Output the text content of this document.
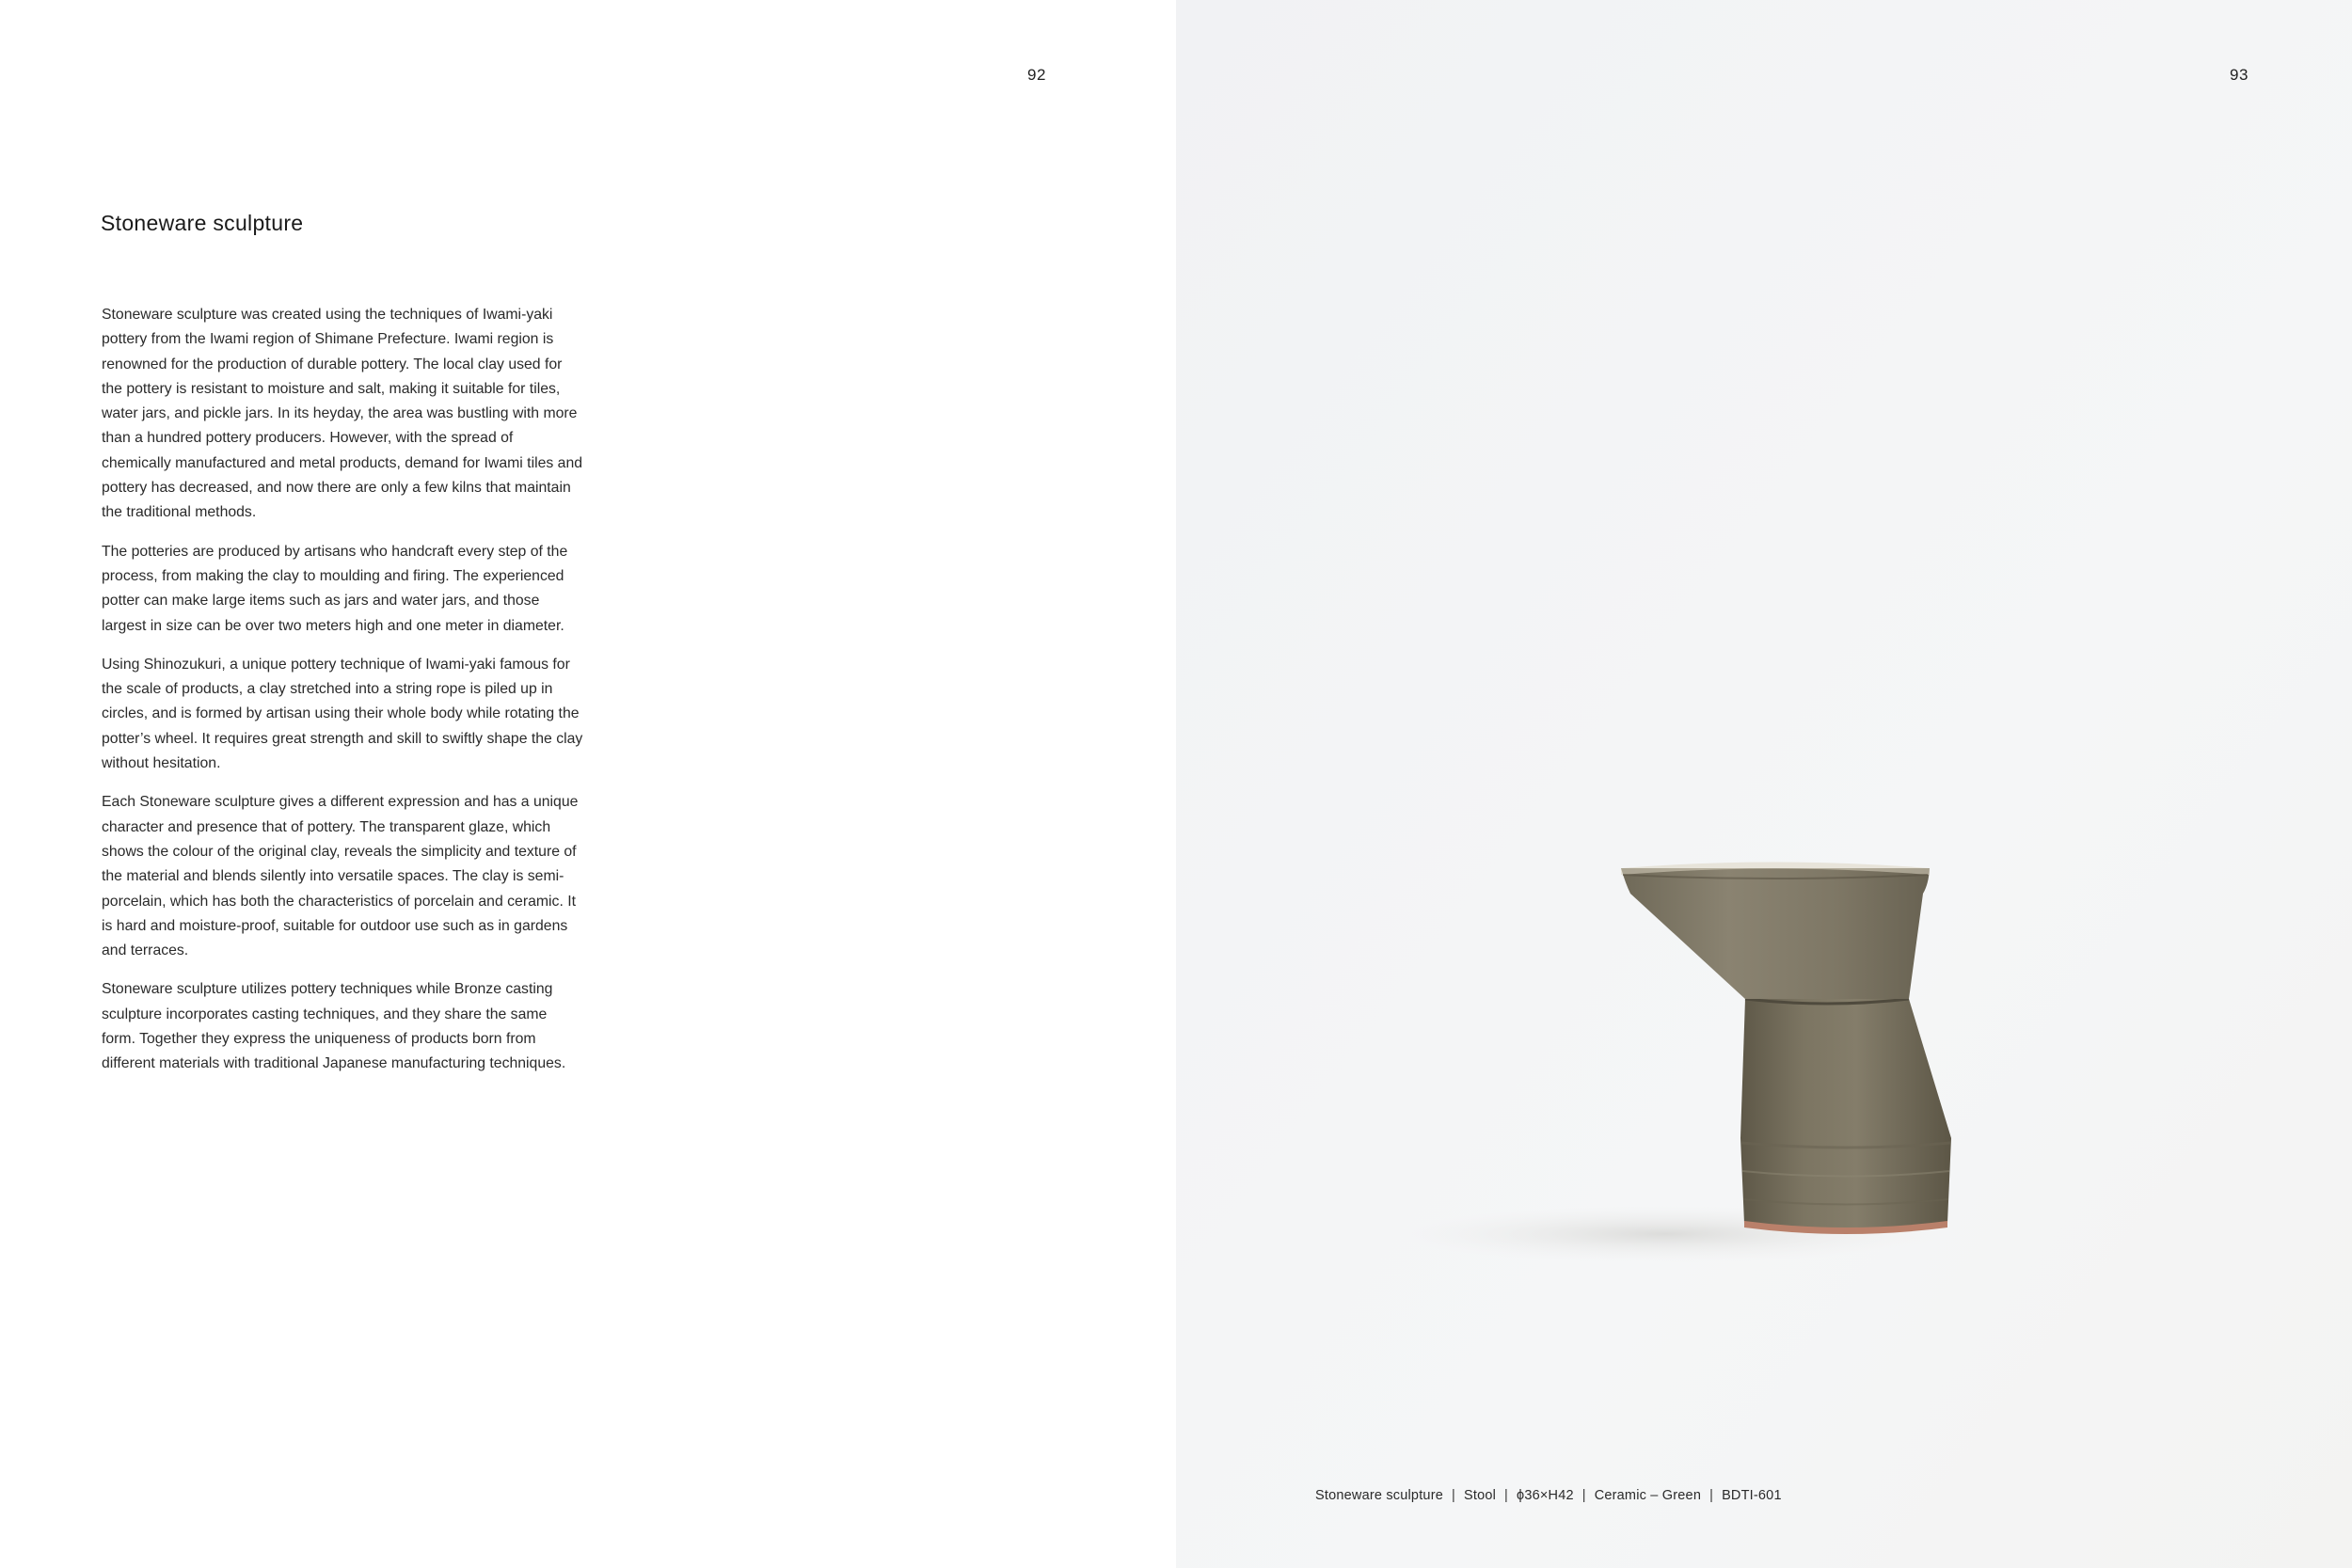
92
Stoneware sculpture

Stoneware sculpture was created using the techniques of Iwami-yaki pottery from the Iwami region of Shimane Prefecture. Iwami region is renowned for the production of durable pottery. The local clay used for the pottery is resistant to moisture and salt, making it suitable for tiles, water jars, and pickle jars. In its heyday, the area was bustling with more than a hundred pottery producers. However, with the spread of chemically manufactured and metal products, demand for Iwami tiles and pottery has decreased, and now there are only a few kilns that maintain the traditional methods.

The potteries are produced by artisans who handcraft every step of the process, from making the clay to moulding and firing. The experienced potter can make large items such as jars and water jars, and those largest in size can be over two meters high and one meter in diameter.

Using Shinozukuri, a unique pottery technique of Iwami-yaki famous for the scale of products, a clay stretched into a string rope is piled up in circles, and is formed by artisan using their whole body while rotating the potter’s wheel. It requires great strength and skill to swiftly shape the clay without hesitation.

Each Stoneware sculpture gives a different expression and has a unique character and presence that of pottery. The transparent glaze, which shows the colour of the original clay, reveals the simplicity and texture of the material and blends silently into versatile spaces. The clay is semi-porcelain, which has both the characteristics of porcelain and ceramic. It is hard and moisture-proof, suitable for outdoor use such as in gardens and terraces.

Stoneware sculpture utilizes pottery techniques while Bronze casting sculpture incorporates casting techniques, and they share the same form. Together they express the uniqueness of products born from different materials with traditional Japanese manufacturing techniques.

93
Stoneware sculpture | Stool | ϕ36×H42 | Ceramic – Green | BDTI-601
